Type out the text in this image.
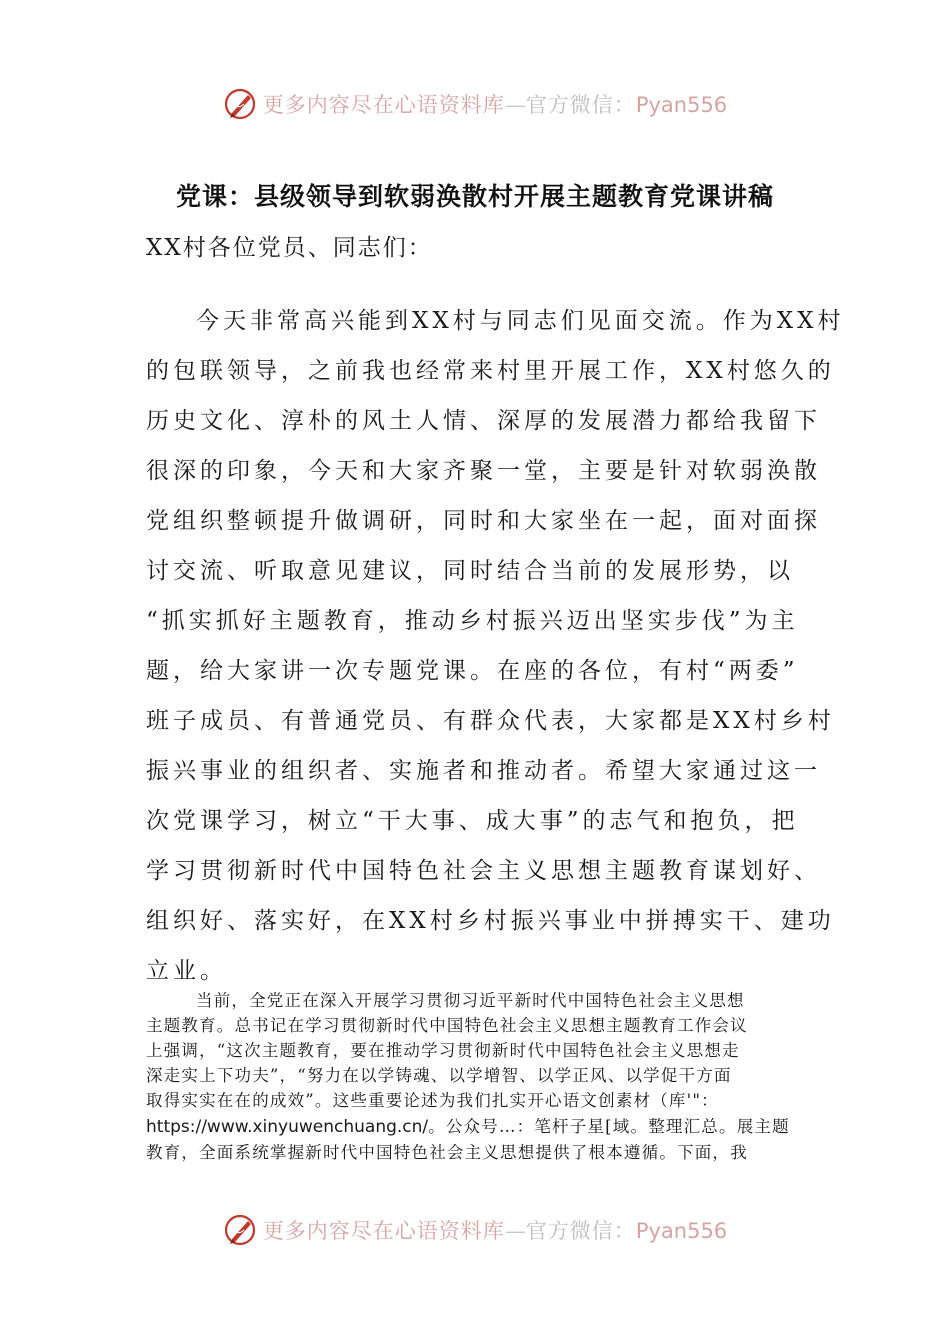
更多内容尽在心语资料库—官方微信：Pyan556
党课：县级领导到软弱涣散村开展主题教育党课讲稿
XX村各位党员、同志们：
今天非常高兴能到XX村与同志们见面交流。作为XX村
的包联领导，之前我也经常来村里开展工作，XX村悠久的
历史文化、淳朴的风土人情、深厚的发展潜力都给我留下
很深的印象，今天和大家齐聚一堂，主要是针对软弱涣散
党组织整顿提升做调研，同时和大家坐在一起，面对面探
讨交流、听取意见建议，同时结合当前的发展形势，以
“抓实抓好主题教育，推动乡村振兴迈出坚实步伐”为主
题，给大家讲一次专题党课。在座的各位，有村“两委”
班子成员、有普通党员、有群众代表，大家都是XX村乡村
振兴事业的组织者、实施者和推动者。希望大家通过这一
次党课学习，树立“干大事、成大事”的志气和抱负，把
学习贯彻新时代中国特色社会主义思想主题教育谋划好、
组织好、落实好，在XX村乡村振兴事业中拼搏实干、建功
立业。
当前，全党正在深入开展学习贯彻习近平新时代中国特色社会主义思想
主题教育。总书记在学习贯彻新时代中国特色社会主义思想主题教育工作会议
上强调，“这次主题教育，要在推动学习贯彻新时代中国特色社会主义思想走
深走实上下功夫”，“努力在以学铸魂、以学增智、以学正风、以学促干方面
取得实实在在的成效”。这些重要论述为我们扎实开心语文创素材（库'"：
https://www.xinyuwenchuang.cn/。公众号…：笔杆子星[域。整理汇总。展主题
教育，全面系统掌握新时代中国特色社会主义思想提供了根本遵循。下面，我
更多内容尽在心语资料库—官方微信：Pyan556
